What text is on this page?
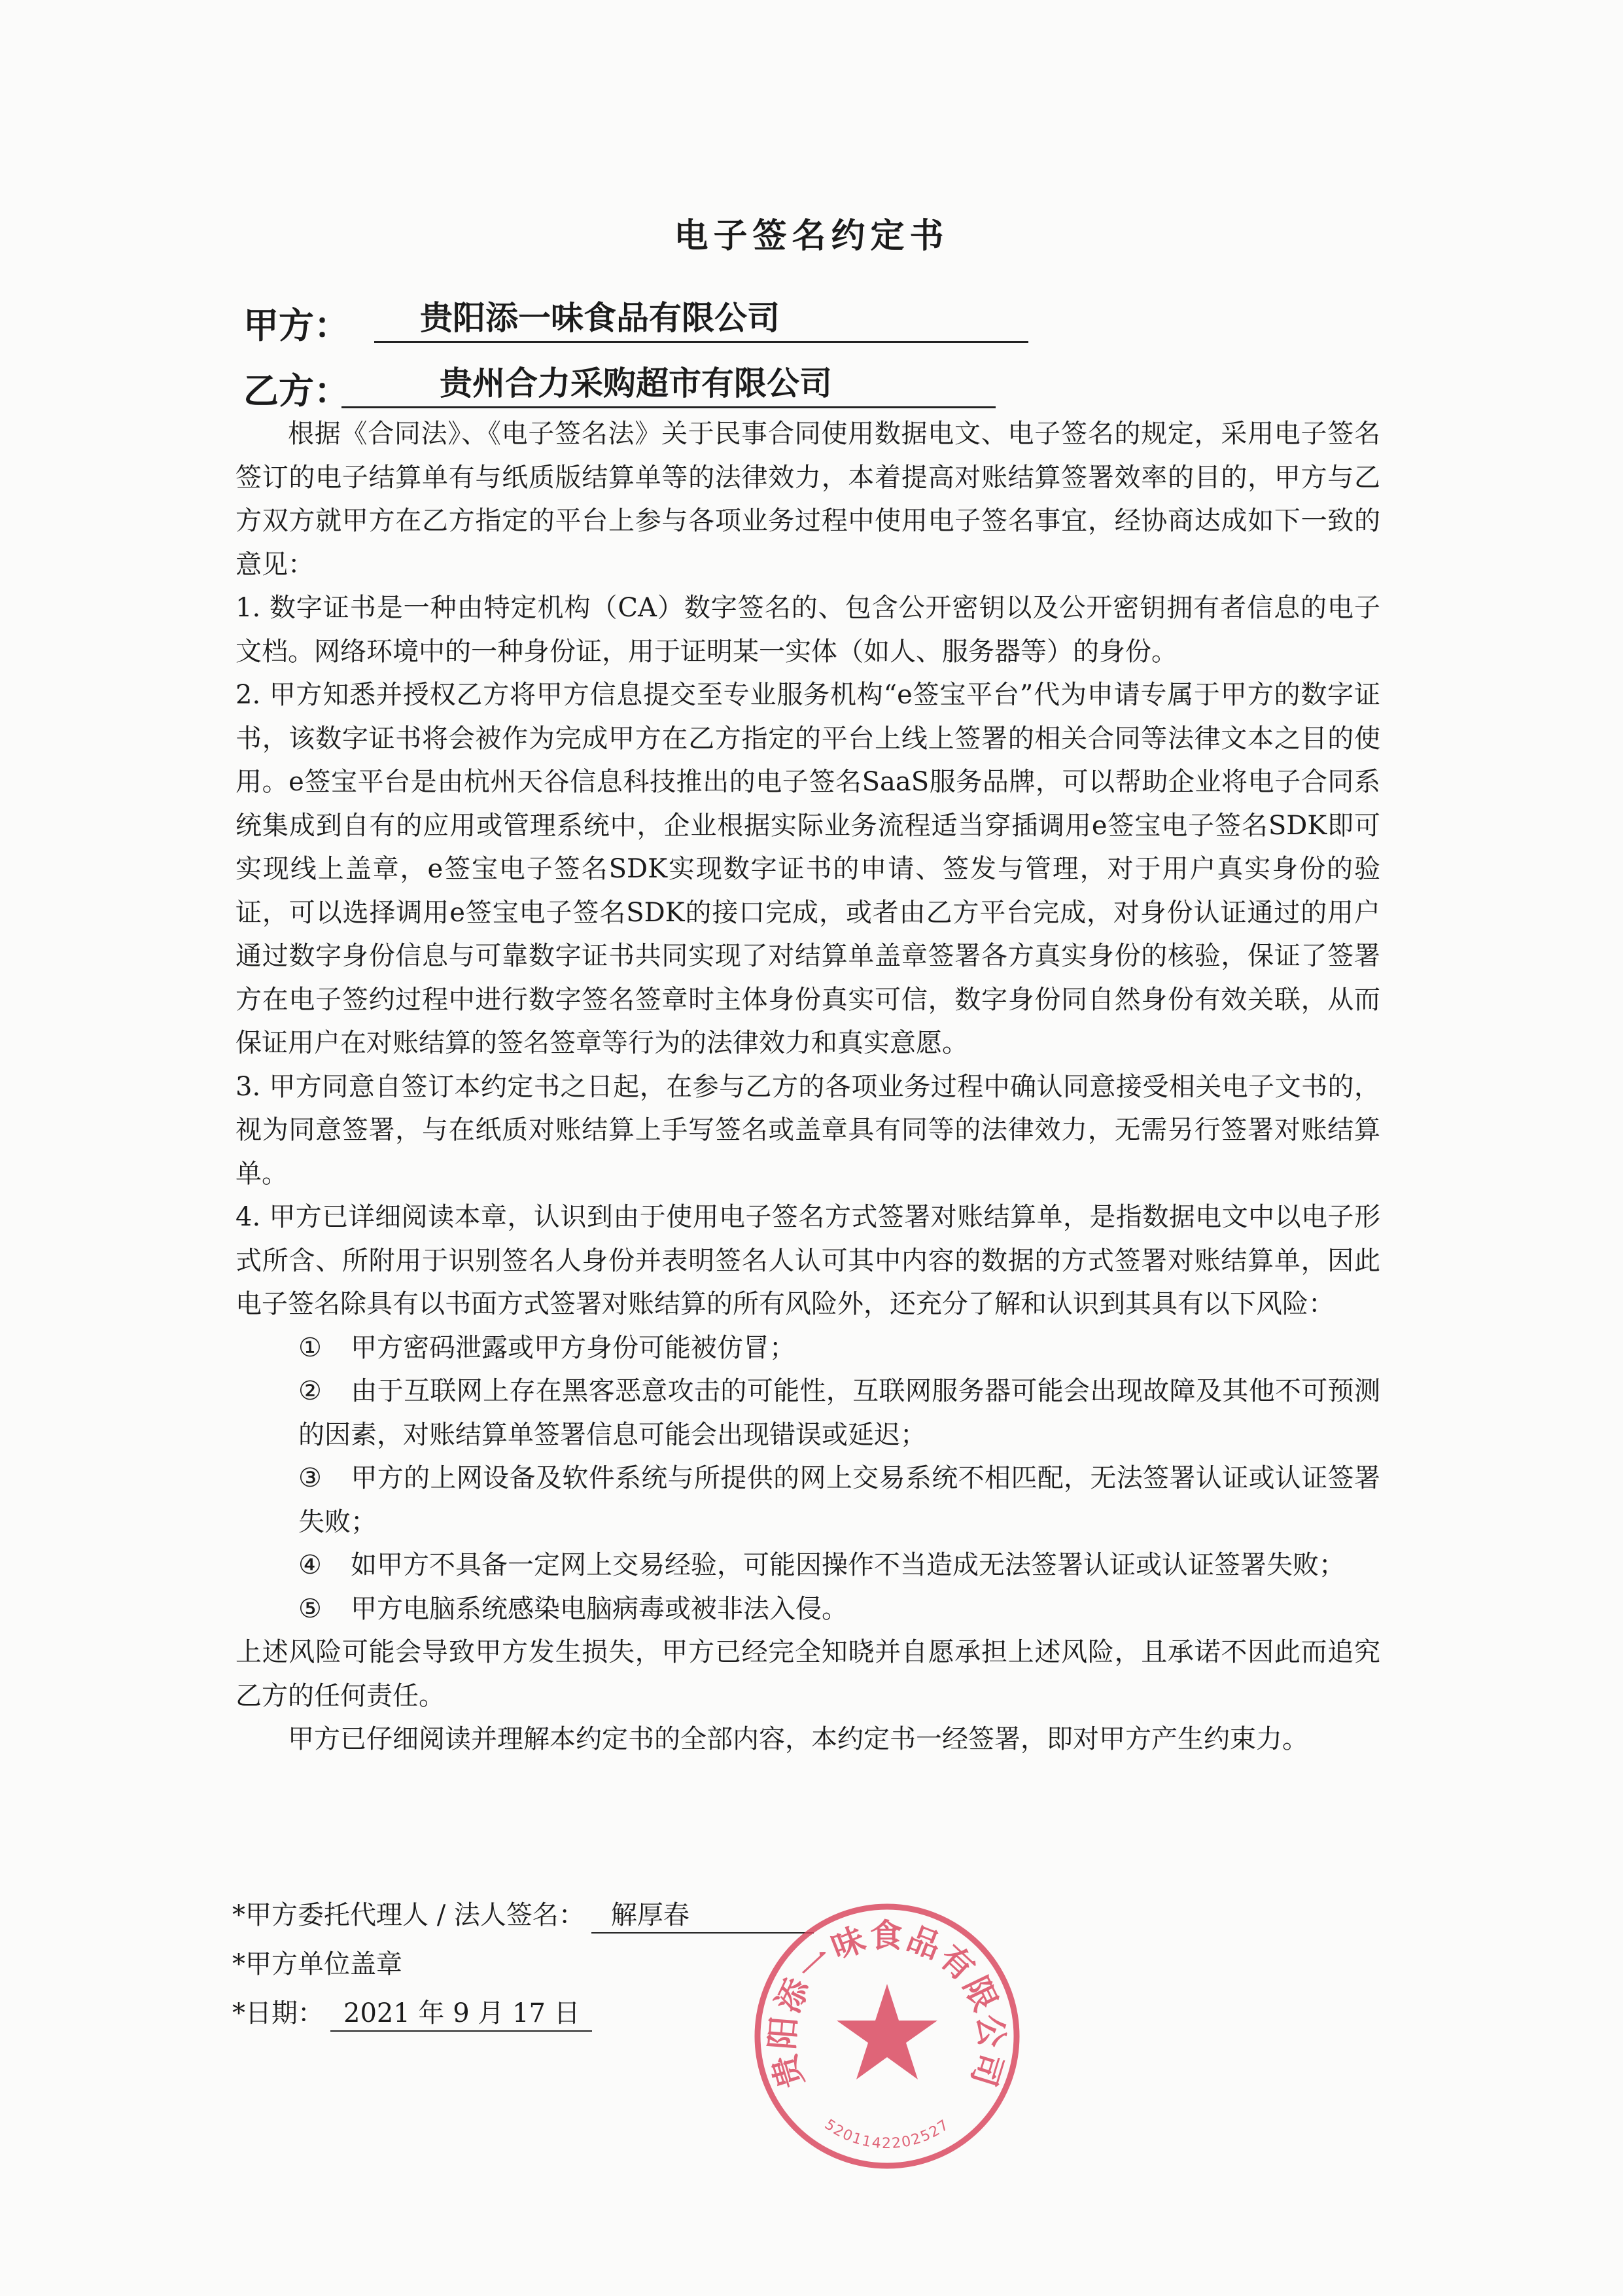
电子签名约定书
甲方：	贵阳添一味食品有限公司
乙方：	贵州合力采购超市有限公司

根据《合同法》、《电子签名法》关于民事合同使用数据电文、电子签名的规定，采用电子签名签订的电子结算单有与纸质版结算单等的法律效力，本着提高对账结算签署效率的目的，甲方与乙方双方就甲方在乙方指定的平台上参与各项业务过程中使用电子签名事宜，经协商达成如下一致的意见：

1. 数字证书是一种由特定机构（CA）数字签名的、包含公开密钥以及公开密钥拥有者信息的电子文档。网络环境中的一种身份证，用于证明某一实体（如人、服务器等）的身份。

2. 甲方知悉并授权乙方将甲方信息提交至专业服务机构“e签宝平台”代为申请专属于甲方的数字证书，该数字证书将会被作为完成甲方在乙方指定的平台上线上签署的相关合同等法律文本之目的使用。e签宝平台是由杭州天谷信息科技推出的电子签名SaaS服务品牌，可以帮助企业将电子合同系统集成到自有的应用或管理系统中，企业根据实际业务流程适当穿插调用e签宝电子签名SDK即可实现线上盖章，e签宝电子签名SDK实现数字证书的申请、签发与管理，对于用户真实身份的验证，可以选择调用e签宝电子签名SDK的接口完成，或者由乙方平台完成，对身份认证通过的用户通过数字身份信息与可靠数字证书共同实现了对结算单盖章签署各方真实身份的核验，保证了签署方在电子签约过程中进行数字签名签章时主体身份真实可信，数字身份同自然身份有效关联，从而保证用户在对账结算的签名签章等行为的法律效力和真实意愿。

3. 甲方同意自签订本约定书之日起，在参与乙方的各项业务过程中确认同意接受相关电子文书的，视为同意签署，与在纸质对账结算上手写签名或盖章具有同等的法律效力，无需另行签署对账结算单。

4. 甲方已详细阅读本章，认识到由于使用电子签名方式签署对账结算单，是指数据电文中以电子形式所含、所附用于识别签名人身份并表明签名人认可其中内容的数据的方式签署对账结算单，因此电子签名除具有以书面方式签署对账结算的所有风险外，还充分了解和认识到其具有以下风险：

① 甲方密码泄露或甲方身份可能被仿冒；

② 由于互联网上存在黑客恶意攻击的可能性，互联网服务器可能会出现故障及其他不可预测的因素，对账结算单签署信息可能会出现错误或延迟；

③ 甲方的上网设备及软件系统与所提供的网上交易系统不相匹配，无法签署认证或认证签署失败；

④ 如甲方不具备一定网上交易经验，可能因操作不当造成无法签署认证或认证签署失败；

⑤ 甲方电脑系统感染电脑病毒或被非法入侵。

上述风险可能会导致甲方发生损失，甲方已经完全知晓并自愿承担上述风险，且承诺不因此而追究乙方的任何责任。

甲方已仔细阅读并理解本约定书的全部内容，本约定书一经签署，即对甲方产生约束力。

*甲方委托代理人 / 法人签名： 解厚春
*甲方单位盖章
*日期： 2021 年 9 月 17 日
贵阳添一味食品有限公司
5201142202527
